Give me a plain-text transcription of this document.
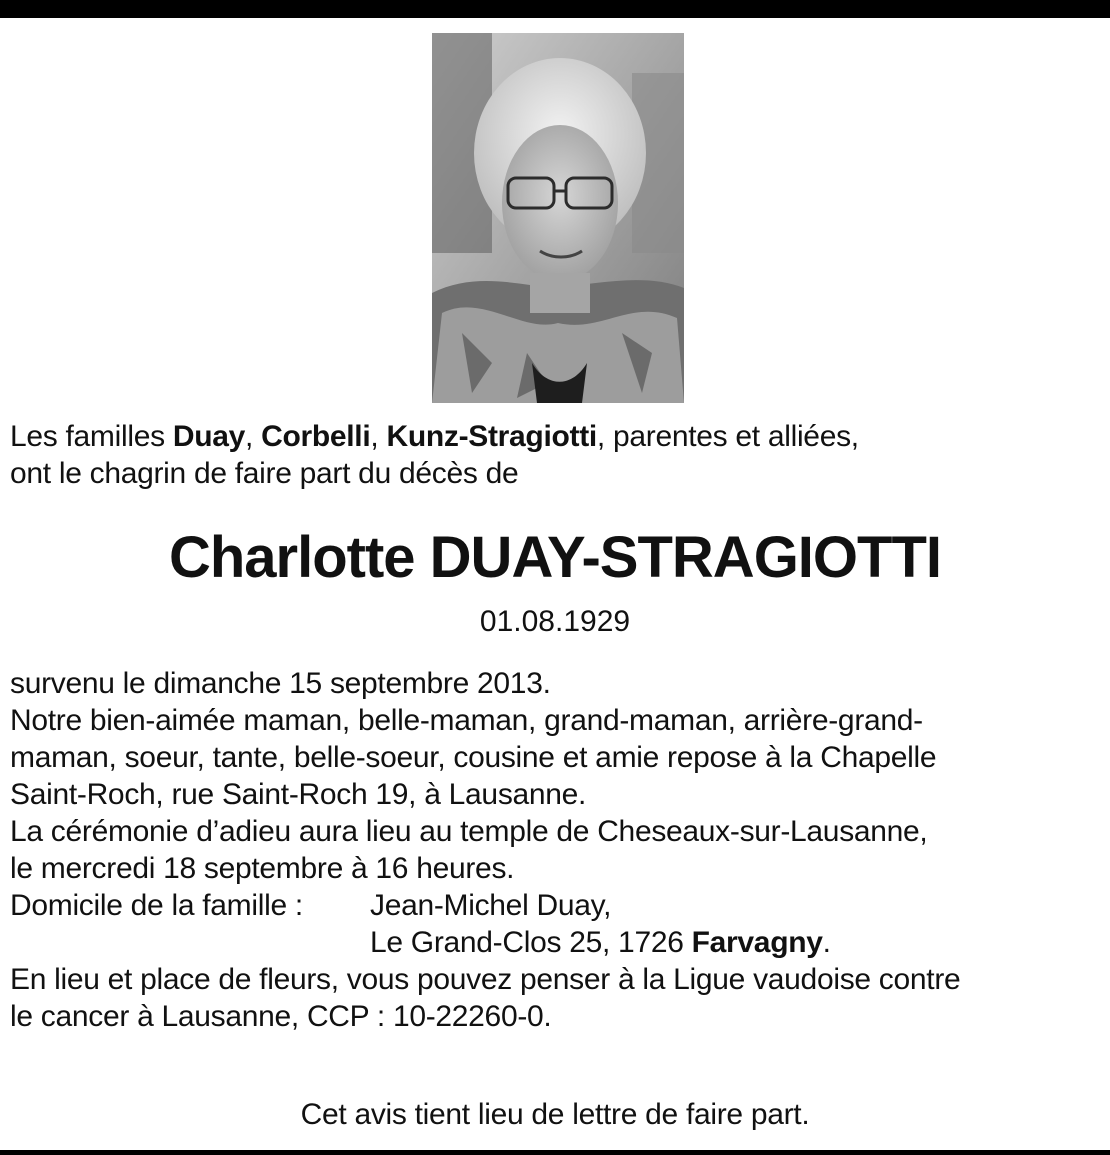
Les familles Duay, Corbelli, Kunz-Stragiotti, parentes et alliées,
ont le chagrin de faire part du décès de
Charlotte DUAY-STRAGIOTTI
01.08.1929
survenu le dimanche 15 septembre 2013.
Notre bien-aimée maman, belle-maman, grand-maman, arrière-grand-
maman, soeur, tante, belle-soeur, cousine et amie repose à la Chapelle
Saint-Roch, rue Saint-Roch 19, à Lausanne.
La cérémonie d’adieu aura lieu au temple de Cheseaux-sur-Lausanne,
le mercredi 18 septembre à 16 heures.
Domicile de la famille : Jean-Michel Duay,
Le Grand-Clos 25, 1726 Farvagny.
En lieu et place de fleurs, vous pouvez penser à la Ligue vaudoise contre
le cancer à Lausanne, CCP : 10-22260-0.
Cet avis tient lieu de lettre de faire part.
